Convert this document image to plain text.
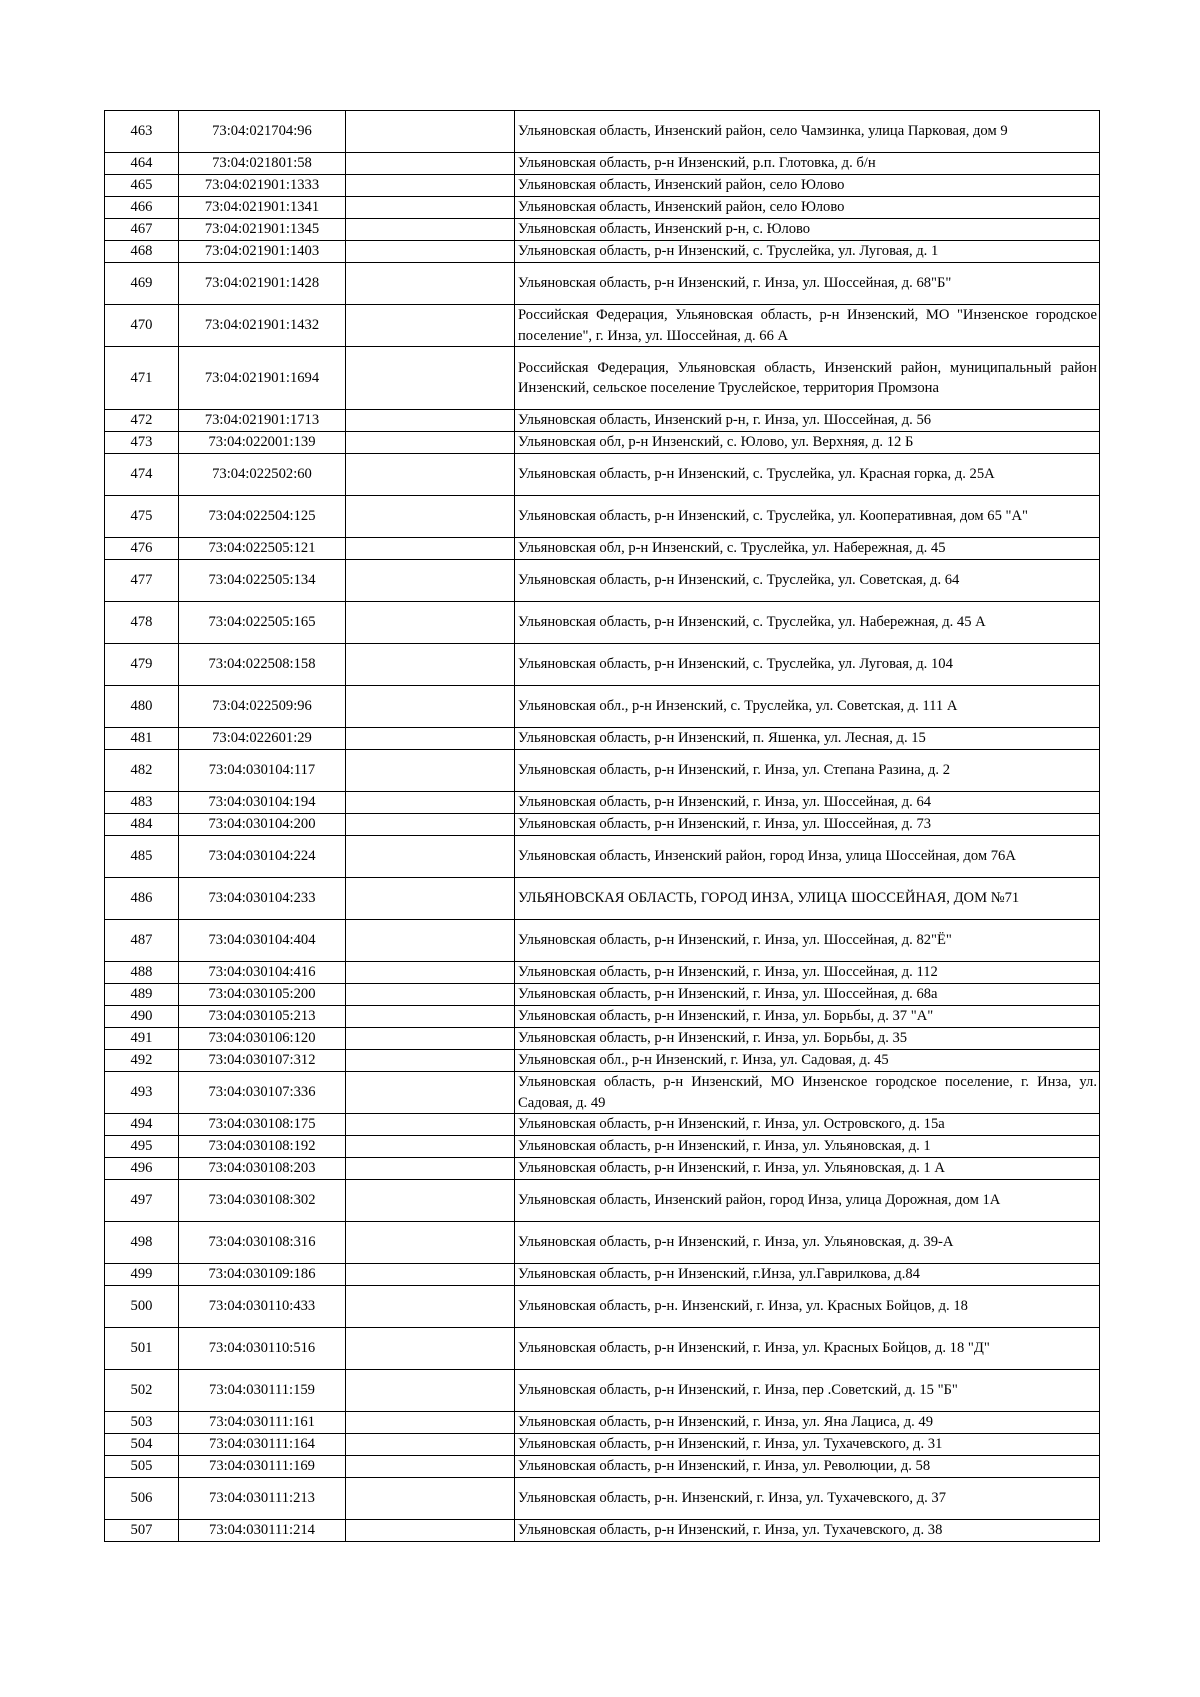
463	73:04:021704:96		Ульяновская область, Инзенский район, село Чамзинка, улица Парковая, дом 9
464	73:04:021801:58		Ульяновская область, р-н Инзенский, р.п. Глотовка, д. б/н
465	73:04:021901:1333		Ульяновская область, Инзенский район, село Юлово
466	73:04:021901:1341		Ульяновская область, Инзенский район, село Юлово
467	73:04:021901:1345		Ульяновская область, Инзенский р-н, с. Юлово
468	73:04:021901:1403		Ульяновская область, р-н Инзенский, с. Труслейка, ул. Луговая, д. 1
469	73:04:021901:1428		Ульяновская область, р-н Инзенский, г. Инза, ул. Шоссейная, д. 68"Б"
470	73:04:021901:1432		Российская Федерация, Ульяновская область, р-н Инзенский, МО "Инзенское городское поселение", г. Инза, ул. Шоссейная, д. 66 А
471	73:04:021901:1694		Российская Федерация, Ульяновская область, Инзенский район, муниципальный район Инзенский, сельское поселение Труслейское, территория Промзона
472	73:04:021901:1713		Ульяновская область, Инзенский р-н, г. Инза, ул. Шоссейная, д. 56
473	73:04:022001:139		Ульяновская обл, р-н Инзенский, с. Юлово, ул. Верхняя, д. 12 Б
474	73:04:022502:60		Ульяновская область, р-н Инзенский, с. Труслейка, ул. Красная горка, д. 25А
475	73:04:022504:125		Ульяновская область, р-н Инзенский, с. Труслейка, ул. Кооперативная, дом 65 "А"
476	73:04:022505:121		Ульяновская обл, р-н Инзенский, с. Труслейка, ул. Набережная, д. 45
477	73:04:022505:134		Ульяновская область, р-н Инзенский, с. Труслейка, ул. Советская, д. 64
478	73:04:022505:165		Ульяновская область, р-н Инзенский, с. Труслейка, ул. Набережная, д. 45 А
479	73:04:022508:158		Ульяновская область, р-н Инзенский, с. Труслейка, ул. Луговая, д. 104
480	73:04:022509:96		Ульяновская обл., р-н Инзенский, с. Труслейка, ул. Советская, д. 111 А
481	73:04:022601:29		Ульяновская область, р-н Инзенский, п. Яшенка, ул. Лесная, д. 15
482	73:04:030104:117		Ульяновская область, р-н Инзенский, г. Инза, ул. Степана Разина, д. 2
483	73:04:030104:194		Ульяновская область, р-н Инзенский, г. Инза, ул. Шоссейная, д. 64
484	73:04:030104:200		Ульяновская область, р-н Инзенский, г. Инза, ул. Шоссейная, д. 73
485	73:04:030104:224		Ульяновская область, Инзенский район, город Инза, улица Шоссейная, дом 76А
486	73:04:030104:233		УЛЬЯНОВСКАЯ ОБЛАСТЬ, ГОРОД ИНЗА, УЛИЦА ШОССЕЙНАЯ, ДОМ №71
487	73:04:030104:404		Ульяновская область, р-н Инзенский, г. Инза, ул. Шоссейная, д. 82"Ё"
488	73:04:030104:416		Ульяновская область, р-н Инзенский, г. Инза, ул. Шоссейная, д. 112
489	73:04:030105:200		Ульяновская область, р-н Инзенский, г. Инза, ул. Шоссейная, д. 68а
490	73:04:030105:213		Ульяновская область, р-н Инзенский, г. Инза, ул. Борьбы, д. 37 "А"
491	73:04:030106:120		Ульяновская область, р-н Инзенский, г. Инза, ул. Борьбы, д. 35
492	73:04:030107:312		Ульяновская обл., р-н Инзенский, г. Инза, ул. Садовая, д. 45
493	73:04:030107:336		Ульяновская область, р-н Инзенский, МО Инзенское городское поселение, г. Инза, ул. Садовая, д. 49
494	73:04:030108:175		Ульяновская область, р-н Инзенский, г. Инза, ул. Островского, д. 15а
495	73:04:030108:192		Ульяновская область, р-н Инзенский, г. Инза, ул. Ульяновская, д. 1
496	73:04:030108:203		Ульяновская область, р-н Инзенский, г. Инза, ул. Ульяновская, д. 1 А
497	73:04:030108:302		Ульяновская область, Инзенский район, город Инза, улица Дорожная, дом 1А
498	73:04:030108:316		Ульяновская область, р-н Инзенский, г. Инза, ул. Ульяновская, д. 39-А
499	73:04:030109:186		Ульяновская область, р-н Инзенский, г.Инза, ул.Гаврилкова, д.84
500	73:04:030110:433		Ульяновская область, р-н. Инзенский, г. Инза, ул. Красных Бойцов, д. 18
501	73:04:030110:516		Ульяновская область, р-н Инзенский, г. Инза, ул. Красных Бойцов, д. 18 "Д"
502	73:04:030111:159		Ульяновская область, р-н Инзенский, г. Инза, пер .Советский, д. 15 "Б"
503	73:04:030111:161		Ульяновская область, р-н Инзенский, г. Инза, ул. Яна Лациса, д. 49
504	73:04:030111:164		Ульяновская область, р-н Инзенский, г. Инза, ул. Тухачевского, д. 31
505	73:04:030111:169		Ульяновская область, р-н Инзенский, г. Инза, ул. Революции, д. 58
506	73:04:030111:213		Ульяновская область, р-н. Инзенский, г. Инза, ул. Тухачевского, д. 37
507	73:04:030111:214		Ульяновская область, р-н Инзенский, г. Инза, ул. Тухачевского, д. 38
